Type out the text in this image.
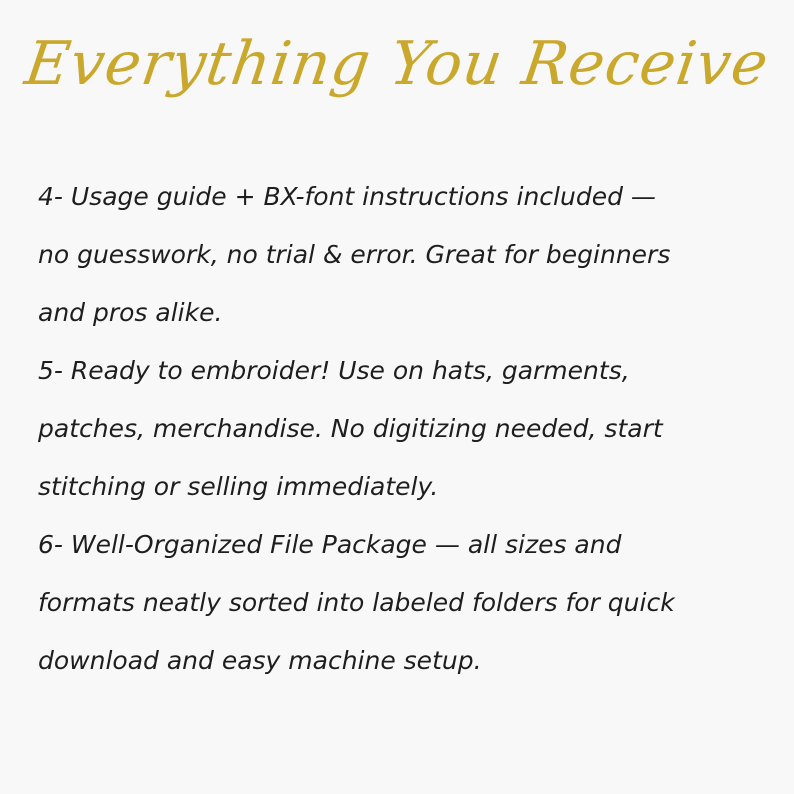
Everything You Receive
4- Usage guide + BX-font instructions included —
no guesswork, no trial & error. Great for beginners
and pros alike.
5- Ready to embroider! Use on hats, garments,
patches, merchandise. No digitizing needed, start
stitching or selling immediately.
6- Well-Organized File Package — all sizes and
formats neatly sorted into labeled folders for quick
download and easy machine setup.
